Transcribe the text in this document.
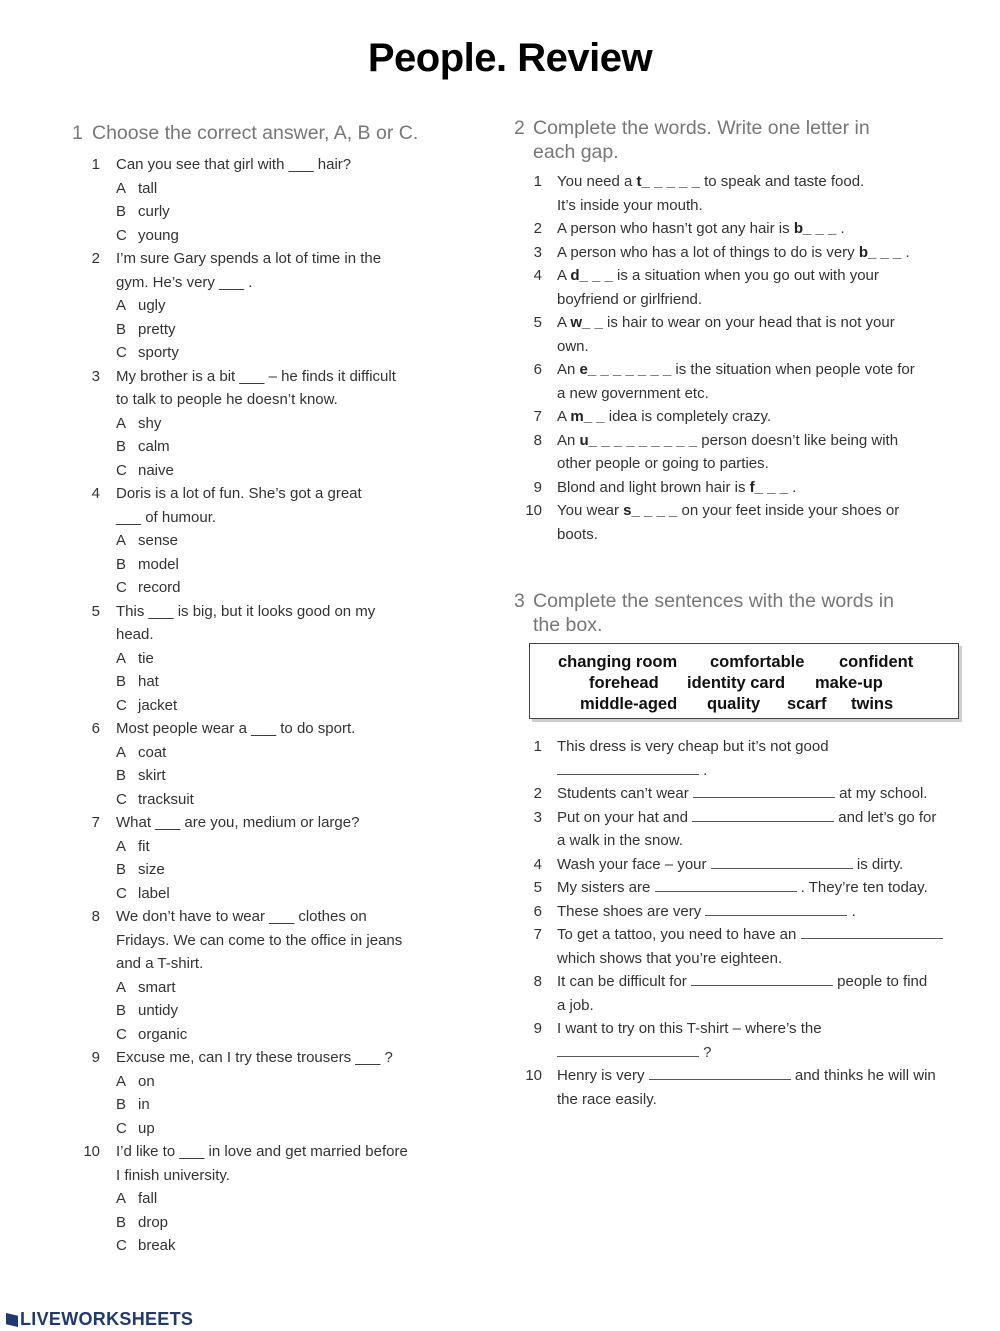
People. Review
1 Choose the correct answer, A, B or C.
1 Can you see that girl with ___ hair?
A tall
B curly
C young
2 I’m sure Gary spends a lot of time in the
gym. He’s very ___ .
A ugly
B pretty
C sporty
3 My brother is a bit ___ – he finds it difficult
to talk to people he doesn’t know.
A shy
B calm
C naive
4 Doris is a lot of fun. She’s got a great
___ of humour.
A sense
B model
C record
5 This ___ is big, but it looks good on my
head.
A tie
B hat
C jacket
6 Most people wear a ___ to do sport.
A coat
B skirt
C tracksuit
7 What ___ are you, medium or large?
A fit
B size
C label
8 We don’t have to wear ___ clothes on
Fridays. We can come to the office in jeans
and a T-shirt.
A smart
B untidy
C organic
9 Excuse me, can I try these trousers ___ ?
A on
B in
C up
10 I’d like to ___ in love and get married before
I finish university.
A fall
B drop
C break
2 Complete the words. Write one letter in
each gap.
1 You need a t_ _ _ _ _ to speak and taste food.
It’s inside your mouth.
2 A person who hasn’t got any hair is b_ _ _ .
3 A person who has a lot of things to do is very b_ _ _ .
4 A d_ _ _ is a situation when you go out with your
boyfriend or girlfriend.
5 A w_ _ is hair to wear on your head that is not your
own.
6 An e_ _ _ _ _ _ _ is the situation when people vote for
a new government etc.
7 A m_ _ idea is completely crazy.
8 An u_ _ _ _ _ _ _ _ _ person doesn’t like being with
other people or going to parties.
9 Blond and light brown hair is f_ _ _ .
10 You wear s_ _ _ _ on your feet inside your shoes or
boots.
3 Complete the sentences with the words in
the box.
changing room comfortable confident
forehead identity card make-up
middle-aged quality scarf twins
1 This dress is very cheap but it’s not good
.
2 Students can’t wear	at my school.
3 Put on your hat and	and let’s go for
a walk in the snow.
4 Wash your face – your	is dirty.
5 My sisters are	. They’re ten today.
6 These shoes are very	.
7 To get a tattoo, you need to have an
which shows that you’re eighteen.
8 It can be difficult for	people to find
a job.
9 I want to try on this T-shirt – where’s the
?
10 Henry is very	and thinks he will win
the race easily.
LIVEWORKSHEETS
